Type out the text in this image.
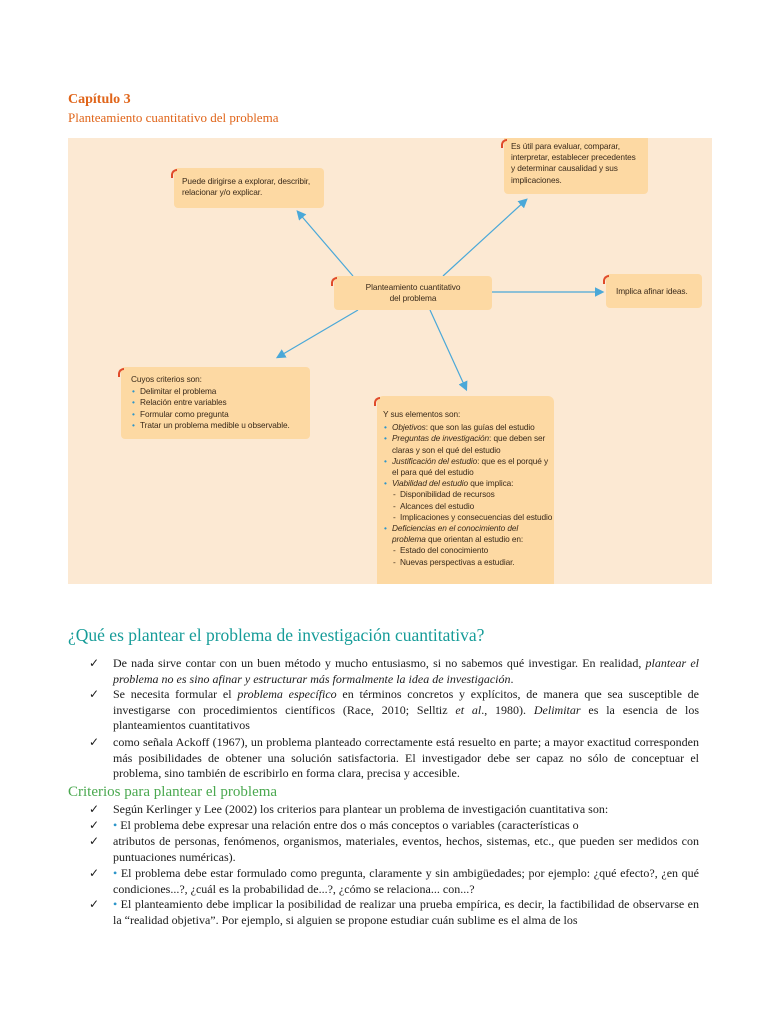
Capítulo 3
Planteamiento cuantitativo del problema
Planteamiento cuantitativo
del problema
Puede dirigirse a explorar, describir,
relacionar y/o explicar.
Es útil para evaluar, comparar,
interpretar, establecer precedentes
y determinar causalidad y sus
implicaciones.
Implica afinar ideas.
Cuyos criterios son:
• Delimitar el problema
• Relación entre variables
• Formular como pregunta
• Tratar un problema medible u observable.
Y sus elementos son:
• Objetivos: que son las guías del estudio
• Preguntas de investigación: que deben ser
claras y son el qué del estudio
• Justificación del estudio: que es el porqué y
el para qué del estudio
• Viabilidad del estudio que implica:
- Disponibilidad de recursos
- Alcances del estudio
- Implicaciones y consecuencias del estudio
• Deficiencias en el conocimiento del
problema que orientan al estudio en:
- Estado del conocimiento
- Nuevas perspectivas a estudiar.
¿Qué es plantear el problema de investigación cuantitativa?
✓ De nada sirve contar con un buen método y mucho entusiasmo, si no sabemos qué investigar. En realidad, plantear el problema no es sino afinar y estructurar más formalmente la idea de investigación.
✓ Se necesita formular el problema específico en términos concretos y explícitos, de manera que sea susceptible de investigarse con procedimientos científicos (Race, 2010; Selltiz et al., 1980). Delimitar es la esencia de los planteamientos cuantitativos
✓ como señala Ackoff (1967), un problema planteado correctamente está resuelto en parte; a mayor exactitud corresponden más posibilidades de obtener una solución satisfactoria. El investigador debe ser capaz no sólo de conceptuar el problema, sino también de escribirlo en forma clara, precisa y accesible.
Criterios para plantear el problema
✓ Según Kerlinger y Lee (2002) los criterios para plantear un problema de investigación cuantitativa son:
✓ • El problema debe expresar una relación entre dos o más conceptos o variables (características o
✓ atributos de personas, fenómenos, organismos, materiales, eventos, hechos, sistemas, etc., que pueden ser medidos con puntuaciones numéricas).
✓ • El problema debe estar formulado como pregunta, claramente y sin ambigüedades; por ejemplo: ¿qué efecto?, ¿en qué condiciones...?, ¿cuál es la probabilidad de...?, ¿cómo se relaciona... con...?
✓ • El planteamiento debe implicar la posibilidad de realizar una prueba empírica, es decir, la factibilidad de observarse en la “realidad objetiva”. Por ejemplo, si alguien se propone estudiar cuán sublime es el alma de los
